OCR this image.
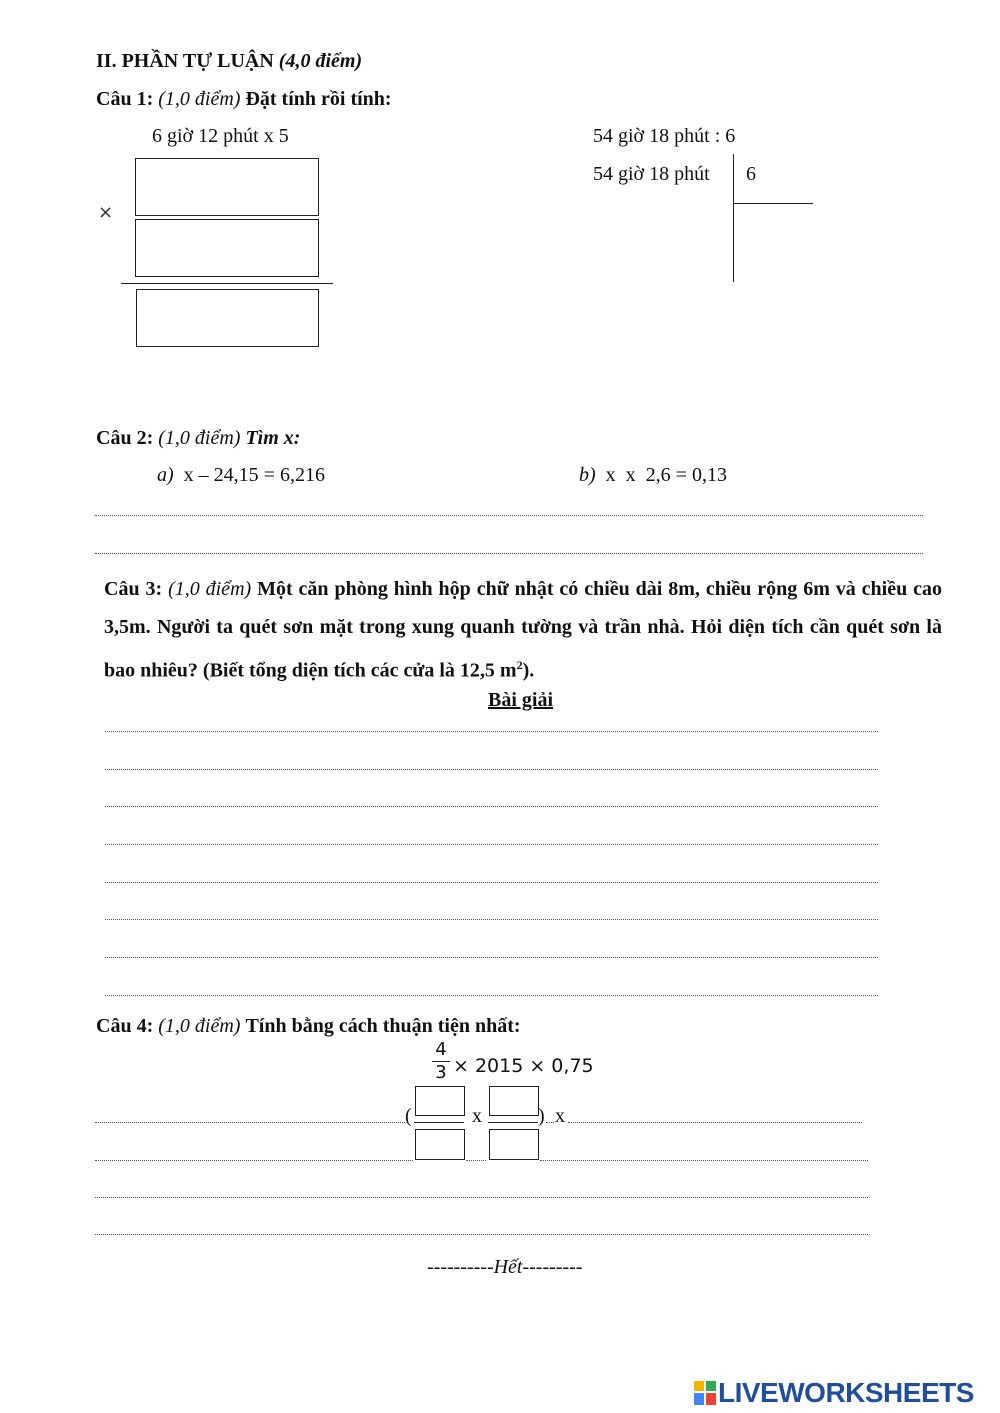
II. PHẦN TỰ LUẬN (4,0 điểm)
Câu 1: (1,0 điểm) Đặt tính rồi tính:
6 giờ 12 phút x 5
×
54 giờ 18 phút : 6
54 giờ 18 phút 6
Câu 2: (1,0 điểm) Tìm x:
a) x – 24,15 = 6,216	b) x  x  2,6 = 0,13
Câu 3: (1,0 điểm) Một căn phòng hình hộp chữ nhật có chiều dài 8m, chiều rộng 6m và chiều cao 3,5m. Người ta quét sơn mặt trong xung quanh tường và trần nhà. Hỏi diện tích cần quét sơn là bao nhiêu? (Biết tổng diện tích các cửa là 12,5 $m^2$).
Bài giải
Câu 4: (1,0 điểm) Tính bằng cách thuận tiện nhất:
4
3 × 2015 × 0,75
(	x	) x
----------Hết---------
LIVEWORKSHEETS
